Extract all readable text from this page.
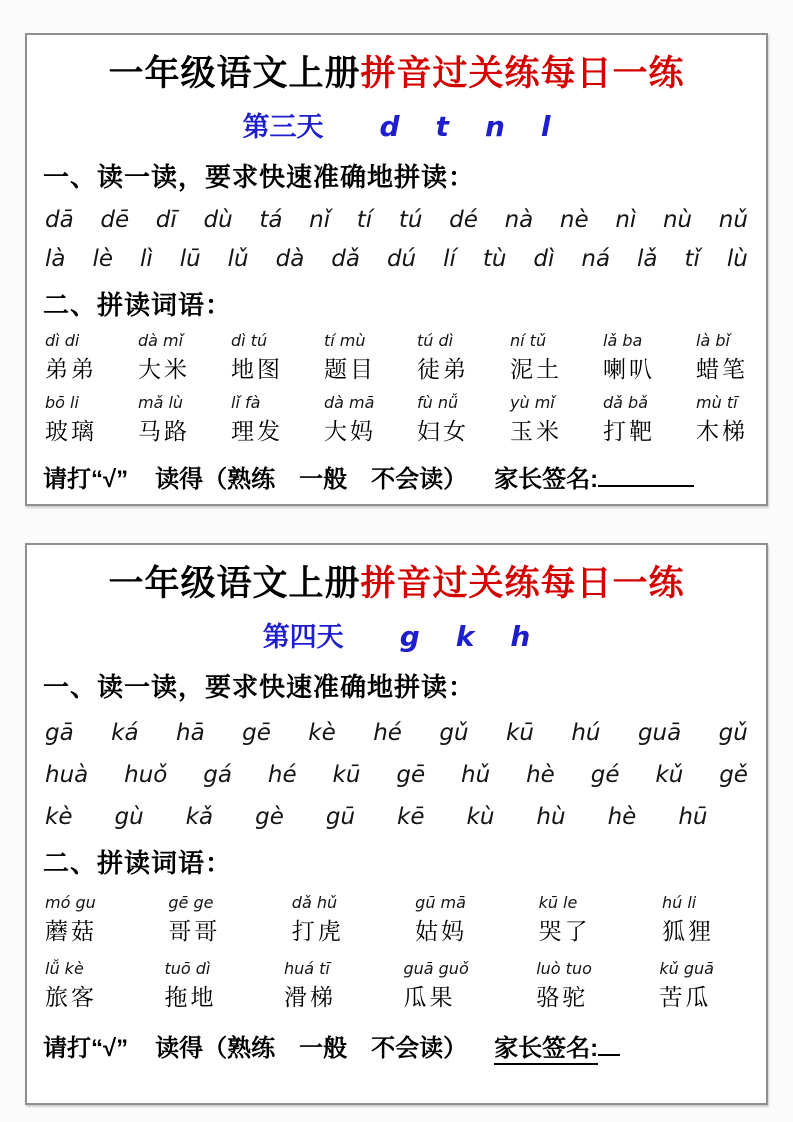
一年级语文上册拼音过关练每日一练
第三天 d t n l
一、读一读，要求快速准确地拼读：
dā dē dī dù tá nǐ tí tú dé nà nè nì nù nǔ
là lè lì lū lǔ dà dǎ dú lí tù dì ná lǎ tǐ lù
二、拼读词语：
dì di
弟弟
dà mǐ
大米
dì tú
地图
tí mù
题目
tú dì
徒弟
ní tǔ
泥土
lǎ ba
喇叭
là bǐ
蜡笔
bō li
玻璃
mǎ lù
马路
lǐ fà
理发
dà mā
大妈
fù nǚ
妇女
yù mǐ
玉米
dǎ bǎ
打靶
mù tī
木梯
请打“√” 读得（熟练　一般　不会读） 家长签名:
一年级语文上册拼音过关练每日一练
第四天 g k h
一、读一读，要求快速准确地拼读：
gā ká hā gē kè hé gǔ kū hú guā gǔ
huà huǒ gá hé kū gē hǔ hè gé kǔ gě
kè gù kǎ gè gū kē kù hù hè hū
二、拼读词语：
mó gu
蘑菇
gē ge
哥哥
dǎ hǔ
打虎
gū mā
姑妈
kū le
哭了
hú li
狐狸
lǚ kè
旅客
tuō dì
拖地
huá tī
滑梯
guā guǒ
瓜果
luò tuo
骆驼
kǔ guā
苦瓜
请打“√” 读得（熟练　一般　不会读） 家长签名:
